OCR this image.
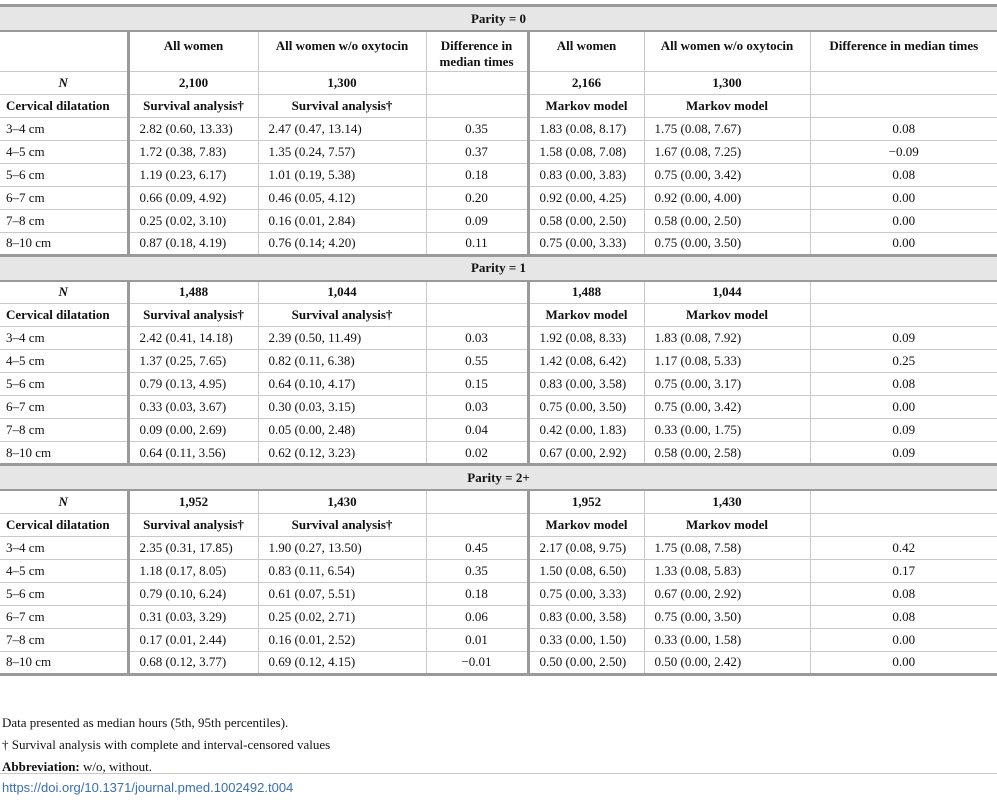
Parity = 0						
	All women	All women w/o oxytocin	Difference in median times	All women	All women w/o oxytocin	Difference in median times
N	2,100	1,300		2,166	1,300	
Cervical dilatation	Survival analysis†	Survival analysis†		Markov model	Markov model	
3–4 cm	2.82 (0.60, 13.33)	2.47 (0.47, 13.14)	0.35	1.83 (0.08, 8.17)	1.75 (0.08, 7.67)	0.08
4–5 cm	1.72 (0.38, 7.83)	1.35 (0.24, 7.57)	0.37	1.58 (0.08, 7.08)	1.67 (0.08, 7.25)	−0.09
5–6 cm	1.19 (0.23, 6.17)	1.01 (0.19, 5.38)	0.18	0.83 (0.00, 3.83)	0.75 (0.00, 3.42)	0.08
6–7 cm	0.66 (0.09, 4.92)	0.46 (0.05, 4.12)	0.20	0.92 (0.00, 4.25)	0.92 (0.00, 4.00)	0.00
7–8 cm	0.25 (0.02, 3.10)	0.16 (0.01, 2.84)	0.09	0.58 (0.00, 2.50)	0.58 (0.00, 2.50)	0.00
8–10 cm	0.87 (0.18, 4.19)	0.76 (0.14; 4.20)	0.11	0.75 (0.00, 3.33)	0.75 (0.00, 3.50)	0.00
Parity = 1						
N	1,488	1,044		1,488	1,044	
Cervical dilatation	Survival analysis†	Survival analysis†		Markov model	Markov model	
3–4 cm	2.42 (0.41, 14.18)	2.39 (0.50, 11.49)	0.03	1.92 (0.08, 8.33)	1.83 (0.08, 7.92)	0.09
4–5 cm	1.37 (0.25, 7.65)	0.82 (0.11, 6.38)	0.55	1.42 (0.08, 6.42)	1.17 (0.08, 5.33)	0.25
5–6 cm	0.79 (0.13, 4.95)	0.64 (0.10, 4.17)	0.15	0.83 (0.00, 3.58)	0.75 (0.00, 3.17)	0.08
6–7 cm	0.33 (0.03, 3.67)	0.30 (0.03, 3.15)	0.03	0.75 (0.00, 3.50)	0.75 (0.00, 3.42)	0.00
7–8 cm	0.09 (0.00, 2.69)	0.05 (0.00, 2.48)	0.04	0.42 (0.00, 1.83)	0.33 (0.00, 1.75)	0.09
8–10 cm	0.64 (0.11, 3.56)	0.62 (0.12, 3.23)	0.02	0.67 (0.00, 2.92)	0.58 (0.00, 2.58)	0.09
Parity = 2+						
N	1,952	1,430		1,952	1,430	
Cervical dilatation	Survival analysis†	Survival analysis†		Markov model	Markov model	
3–4 cm	2.35 (0.31, 17.85)	1.90 (0.27, 13.50)	0.45	2.17 (0.08, 9.75)	1.75 (0.08, 7.58)	0.42
4–5 cm	1.18 (0.17, 8.05)	0.83 (0.11, 6.54)	0.35	1.50 (0.08, 6.50)	1.33 (0.08, 5.83)	0.17
5–6 cm	0.79 (0.10, 6.24)	0.61 (0.07, 5.51)	0.18	0.75 (0.00, 3.33)	0.67 (0.00, 2.92)	0.08
6–7 cm	0.31 (0.03, 3.29)	0.25 (0.02, 2.71)	0.06	0.83 (0.00, 3.58)	0.75 (0.00, 3.50)	0.08
7–8 cm	0.17 (0.01, 2.44)	0.16 (0.01, 2.52)	0.01	0.33 (0.00, 1.50)	0.33 (0.00, 1.58)	0.00
8–10 cm	0.68 (0.12, 3.77)	0.69 (0.12, 4.15)	−0.01	0.50 (0.00, 2.50)	0.50 (0.00, 2.42)	0.00
Data presented as median hours (5th, 95th percentiles).
† Survival analysis with complete and interval-censored values
Abbreviation: w/o, without.
https://doi.org/10.1371/journal.pmed.1002492.t004
